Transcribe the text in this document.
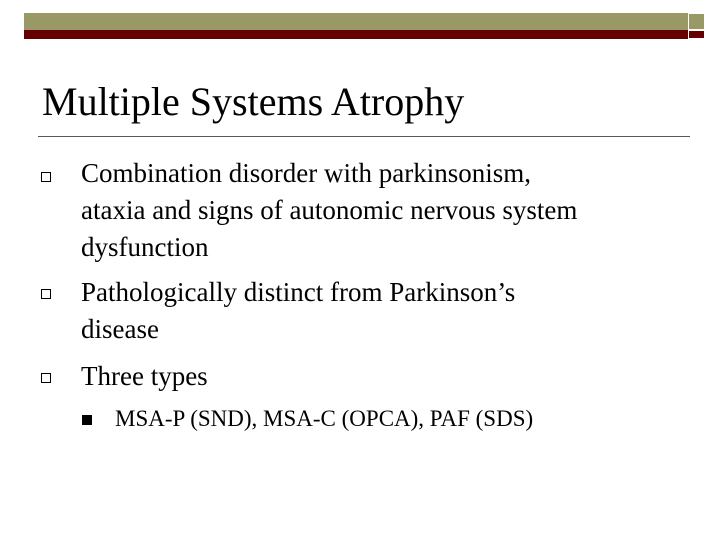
Multiple Systems Atrophy
Combination disorder with parkinsonism,
ataxia and signs of autonomic nervous system
dysfunction
Pathologically distinct from Parkinson’s
disease
Three types
MSA-P (SND), MSA-C (OPCA), PAF (SDS)
